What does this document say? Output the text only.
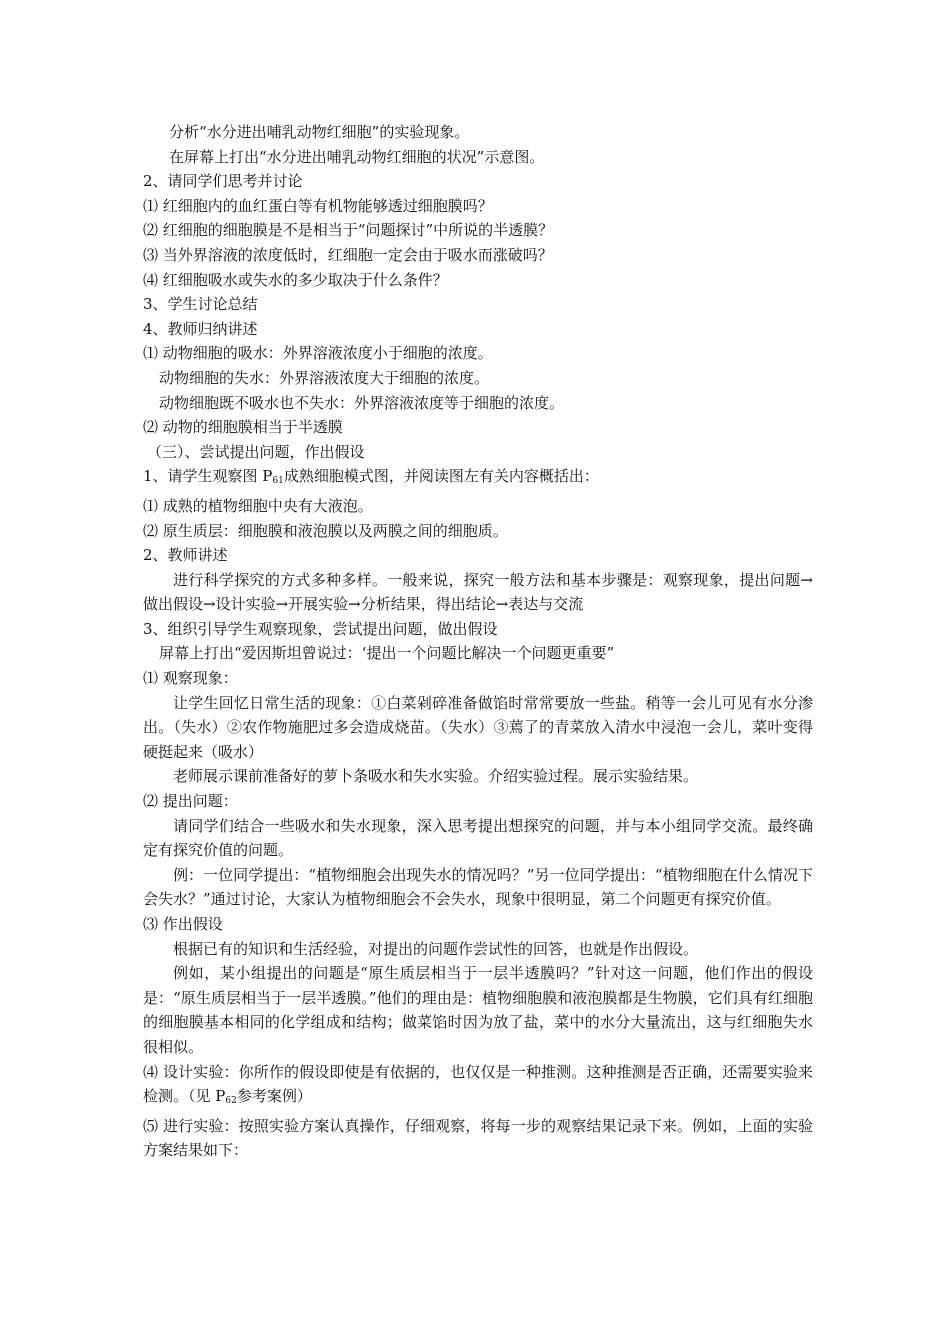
分析“水分进出哺乳动物红细胞”的实验现象。

在屏幕上打出“水分进出哺乳动物红细胞的状况”示意图。

2、请同学们思考并讨论

⑴ 红细胞内的血红蛋白等有机物能够透过细胞膜吗？

⑵ 红细胞的细胞膜是不是相当于“问题探讨”中所说的半透膜？

⑶ 当外界溶液的浓度低时，红细胞一定会由于吸水而涨破吗？

⑷ 红细胞吸水或失水的多少取决于什么条件？

3、学生讨论总结

4、教师归纳讲述

⑴ 动物细胞的吸水：外界溶液浓度小于细胞的浓度。

动物细胞的失水：外界溶液浓度大于细胞的浓度。

动物细胞既不吸水也不失水：外界溶液浓度等于细胞的浓度。

⑵ 动物的细胞膜相当于半透膜

（三）、尝试提出问题，作出假设

1、请学生观察图 $P_{61}$成熟细胞模式图，并阅读图左有关内容概括出：

⑴ 成熟的植物细胞中央有大液泡。

⑵ 原生质层：细胞膜和液泡膜以及两膜之间的细胞质。

2、教师讲述

进行科学探究的方式多种多样。一般来说，探究一般方法和基本步骤是：观察现象，提出问题→做出假设→设计实验→开展实验→分析结果，得出结论→表达与交流

3、组织引导学生观察现象，尝试提出问题，做出假设

屏幕上打出“爱因斯坦曾说过：‘提出一个问题比解决一个问题更重要”

⑴ 观察现象：

让学生回忆日常生活的现象：①白菜剁碎准备做馅时常常要放一些盐。稍等一会儿可见有水分渗出。（失水）②农作物施肥过多会造成烧苗。（失水）③蔫了的青菜放入清水中浸泡一会儿，菜叶变得硬挺起来（吸水）

老师展示课前准备好的萝卜条吸水和失水实验。介绍实验过程。展示实验结果。

⑵ 提出问题：

请同学们结合一些吸水和失水现象，深入思考提出想探究的问题，并与本小组同学交流。最终确定有探究价值的问题。

例：一位同学提出：“植物细胞会出现失水的情况吗？”另一位同学提出：“植物细胞在什么情况下会失水？”通过讨论，大家认为植物细胞会不会失水，现象中很明显，第二个问题更有探究价值。

⑶ 作出假设

根据已有的知识和生活经验，对提出的问题作尝试性的回答，也就是作出假设。

例如，某小组提出的问题是“原生质层相当于一层半透膜吗？”针对这一问题，他们作出的假设是：“原生质层相当于一层半透膜。”他们的理由是：植物细胞膜和液泡膜都是生物膜，它们具有红细胞的细胞膜基本相同的化学组成和结构；做菜馅时因为放了盐，菜中的水分大量流出，这与红细胞失水很相似。

⑷ 设计实验：你所作的假设即使是有依据的，也仅仅是一种推测。这种推测是否正确，还需要实验来检测。（见 $P_{62}$参考案例）

⑸ 进行实验：按照实验方案认真操作，仔细观察，将每一步的观察结果记录下来。例如，上面的实验方案结果如下：
